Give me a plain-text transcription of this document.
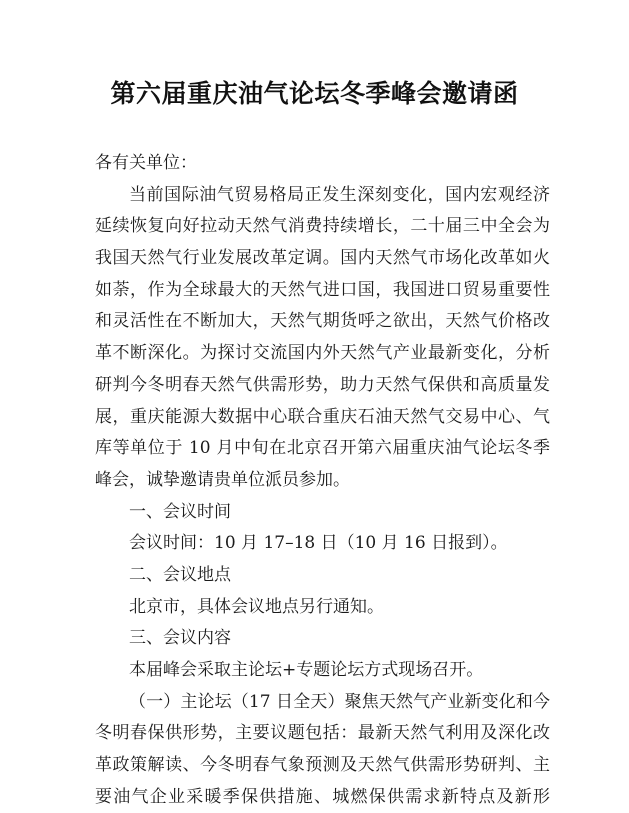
第六届重庆油气论坛冬季峰会邀请函
各有关单位：
当前国际油气贸易格局正发生深刻变化，国内宏观经济
延续恢复向好拉动天然气消费持续增长，二十届三中全会为
我国天然气行业发展改革定调。国内天然气市场化改革如火
如荼，作为全球最大的天然气进口国，我国进口贸易重要性
和灵活性在不断加大，天然气期货呼之欲出，天然气价格改
革不断深化。为探讨交流国内外天然气产业最新变化，分析
研判今冬明春天然气供需形势，助力天然气保供和高质量发
展，重庆能源大数据中心联合重庆石油天然气交易中心、气
库等单位于 10 月中旬在北京召开第六届重庆油气论坛冬季
峰会，诚挚邀请贵单位派员参加。
一、会议时间
会议时间：10 月 17–18 日（10 月 16 日报到）。
二、会议地点
北京市，具体会议地点另行通知。
三、会议内容
本届峰会采取主论坛+专题论坛方式现场召开。
（一）主论坛（17 日全天）聚焦天然气产业新变化和今
冬明春保供形势，主要议题包括：最新天然气利用及深化改
革政策解读、今冬明春气象预测及天然气供需形势研判、主
要油气企业采暖季保供措施、城燃保供需求新特点及新形
